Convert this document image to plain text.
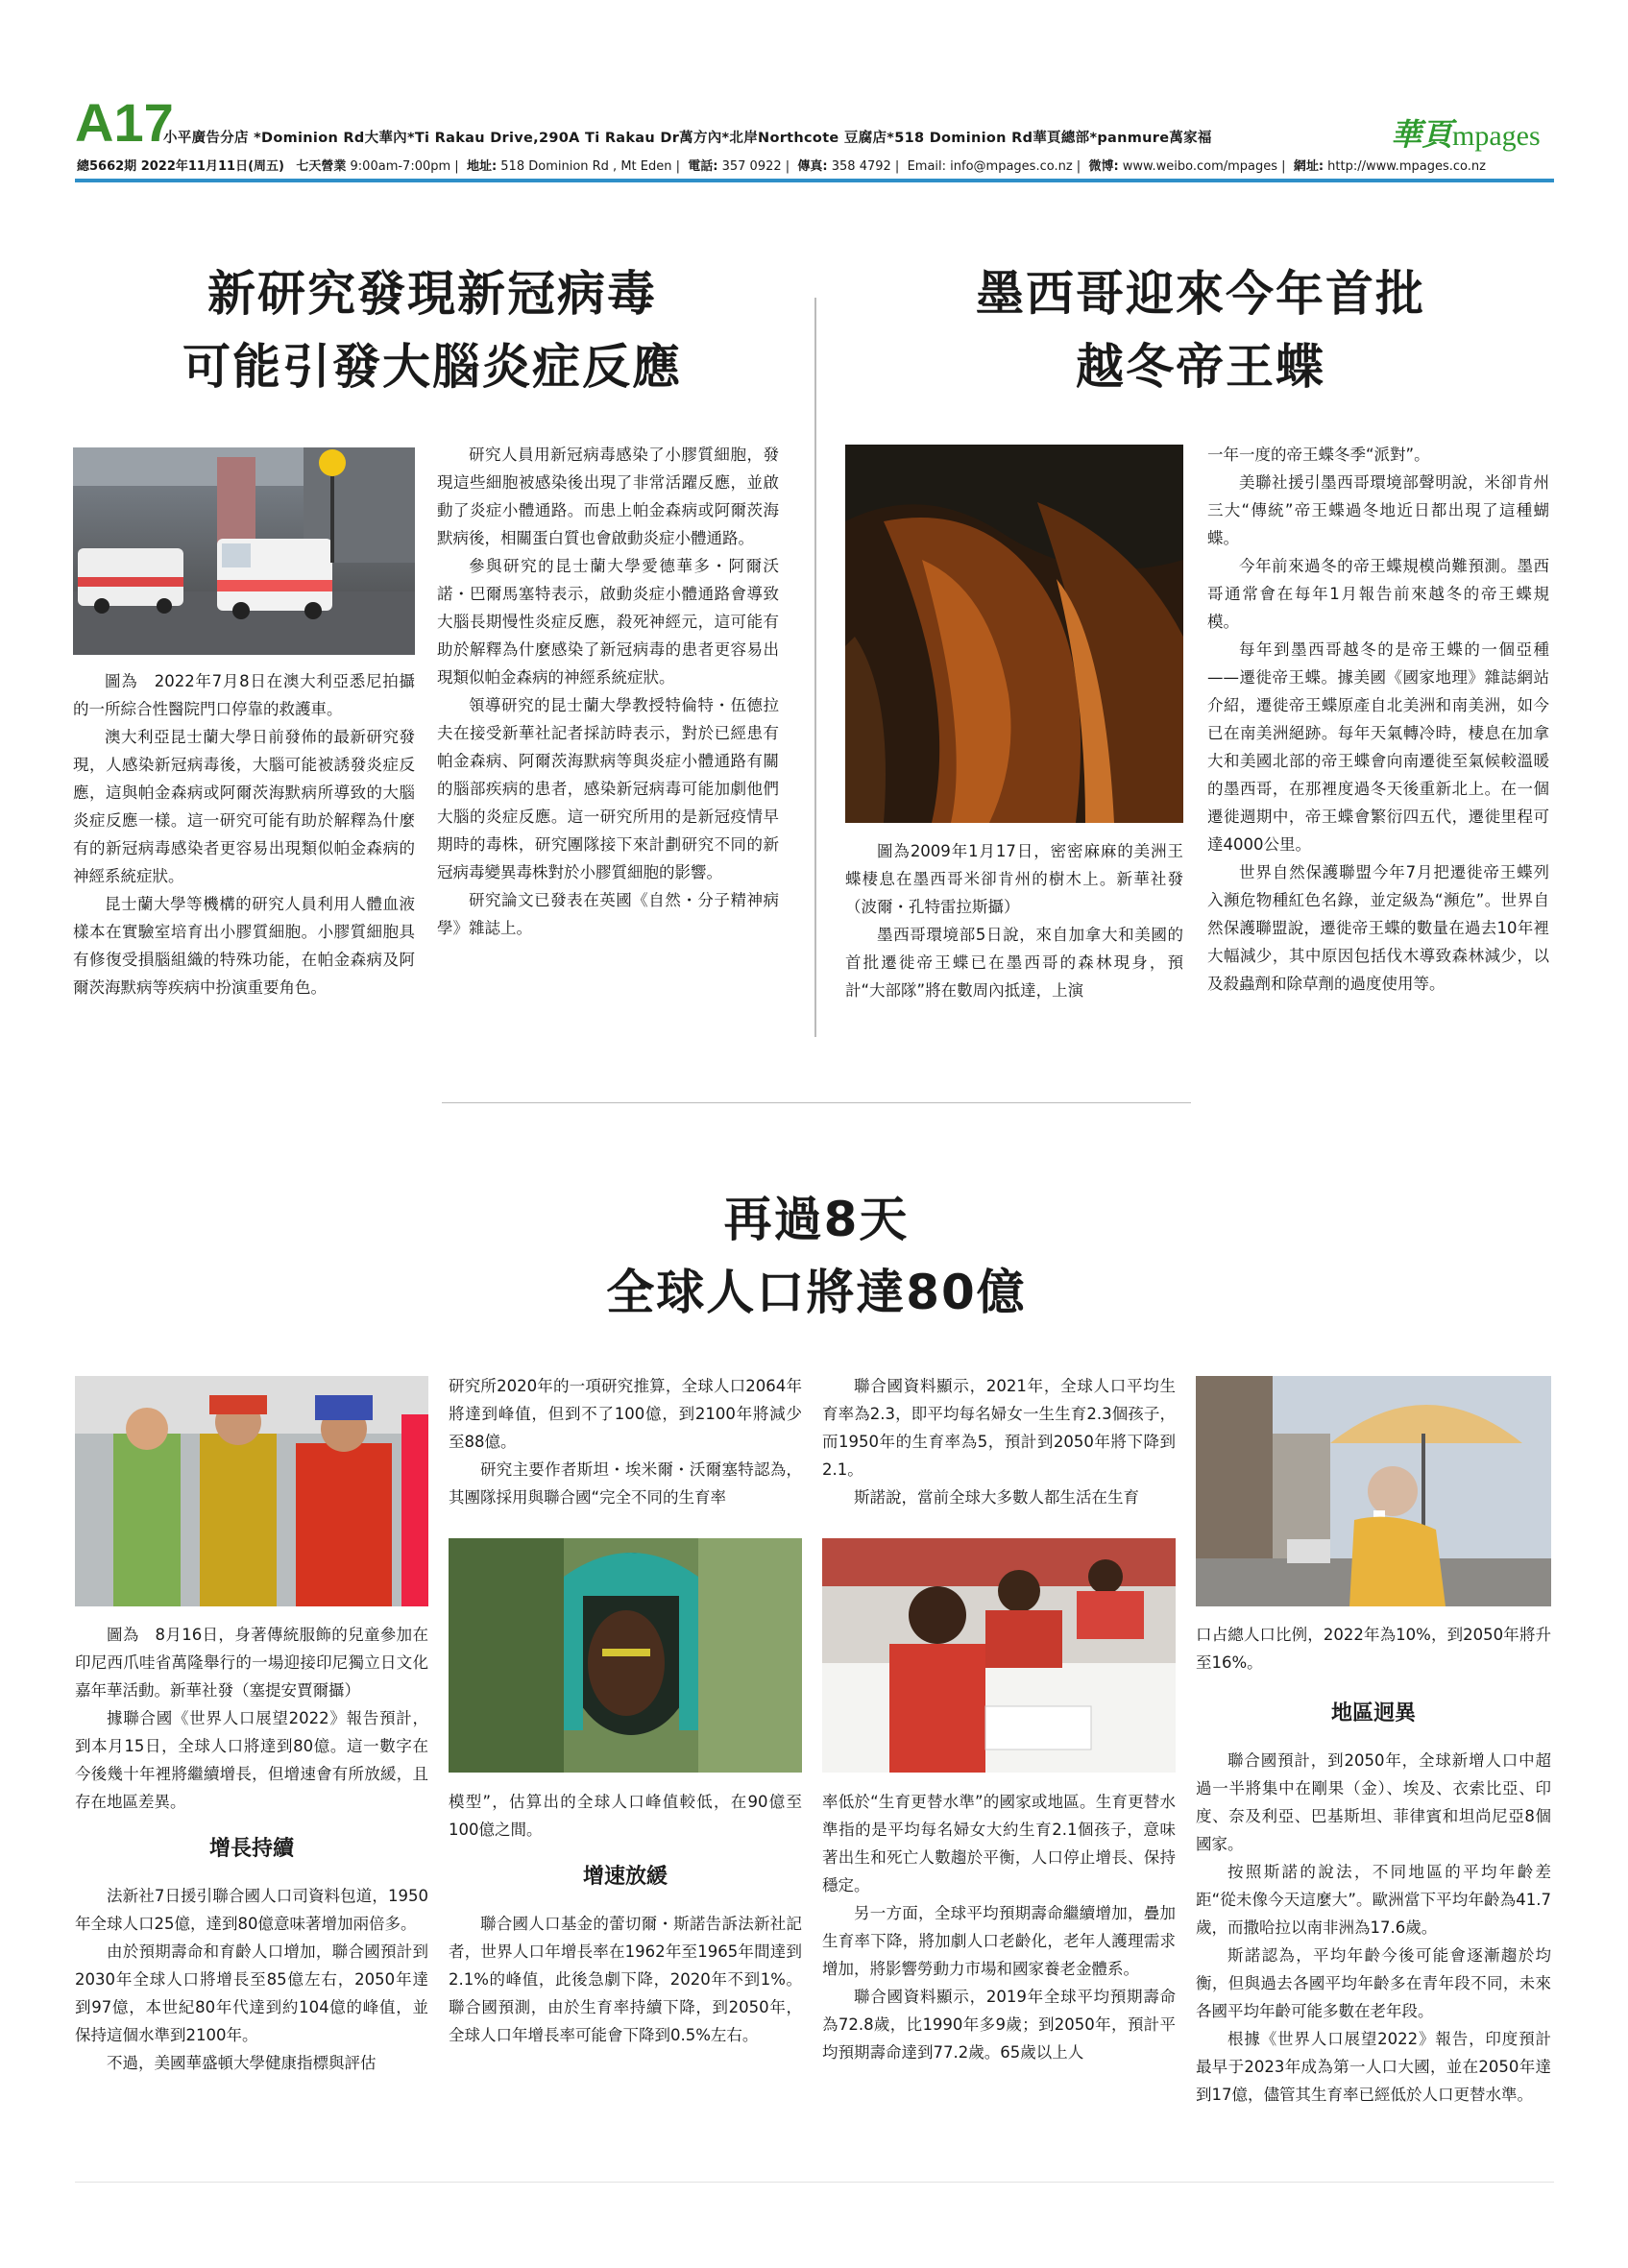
A17
小平廣告分店 *Dominion Rd大華內*Ti Rakau Drive,290A Ti Rakau Dr萬方內*北岸Northcote 豆腐店*518 Dominion Rd華頁總部*panmure萬家福
總5662期 2022年11月11日(周五) 七天營業 9:00am-7:00pm |  地址: 518 Dominion Rd , Mt Eden |  電話: 357 0922 |  傳真: 358 4792 |  Email: info@mpages.co.nz |  微博: www.weibo.com/mpages |  網址: http://www.mpages.co.nz
華頁mpages
新研究發現新冠病毒
可能引發大腦炎症反應

圖為　2022年7月8日在澳大利亞悉尼拍攝的一所綜合性醫院門口停靠的救護車。

澳大利亞昆士蘭大學日前發佈的最新研究發現，人感染新冠病毒後，大腦可能被誘發炎症反應，這與帕金森病或阿爾茨海默病所導致的大腦炎症反應一樣。這一研究可能有助於解釋為什麼有的新冠病毒感染者更容易出現類似帕金森病的神經系統症狀。

昆士蘭大學等機構的研究人員利用人體血液樣本在實驗室培育出小膠質細胞。小膠質細胞具有修復受損腦組織的特殊功能，在帕金森病及阿爾茨海默病等疾病中扮演重要角色。

研究人員用新冠病毒感染了小膠質細胞，發現這些細胞被感染後出現了非常活躍反應，並啟動了炎症小體通路。而患上帕金森病或阿爾茨海默病後，相關蛋白質也會啟動炎症小體通路。

參與研究的昆士蘭大學愛德華多・阿爾沃諾・巴爾馬塞特表示，啟動炎症小體通路會導致大腦長期慢性炎症反應，殺死神經元，這可能有助於解釋為什麼感染了新冠病毒的患者更容易出現類似帕金森病的神經系統症狀。

領導研究的昆士蘭大學教授特倫特・伍德拉夫在接受新華社記者採訪時表示，對於已經患有帕金森病、阿爾茨海默病等與炎症小體通路有關的腦部疾病的患者，感染新冠病毒可能加劇他們大腦的炎症反應。這一研究所用的是新冠疫情早期時的毒株，研究團隊接下來計劃研究不同的新冠病毒變異毒株對於小膠質細胞的影響。

研究論文已發表在英國《自然・分子精神病學》雜誌上。

墨西哥迎來今年首批
越冬帝王蝶

圖為2009年1月17日，密密麻麻的美洲王蝶棲息在墨西哥米卻肯州的樹木上。新華社發（波爾・孔特雷拉斯攝）

墨西哥環境部5日說，來自加拿大和美國的首批遷徙帝王蝶已在墨西哥的森林現身，預計“大部隊”將在數周內抵達，上演

一年一度的帝王蝶冬季“派對”。

美聯社援引墨西哥環境部聲明說，米卻肯州三大“傳統”帝王蝶過冬地近日都出現了這種蝴蝶。

今年前來過冬的帝王蝶規模尚難預測。墨西哥通常會在每年1月報告前來越冬的帝王蝶規模。

每年到墨西哥越冬的是帝王蝶的一個亞種——遷徙帝王蝶。據美國《國家地理》雜誌網站介紹，遷徙帝王蝶原產自北美洲和南美洲，如今已在南美洲絕跡。每年天氣轉冷時，棲息在加拿大和美國北部的帝王蝶會向南遷徙至氣候較溫暖的墨西哥，在那裡度過冬天後重新北上。在一個遷徙週期中，帝王蝶會繁衍四五代，遷徙里程可達4000公里。

世界自然保護聯盟今年7月把遷徙帝王蝶列入瀕危物種紅色名錄，並定級為“瀕危”。世界自然保護聯盟說，遷徙帝王蝶的數量在過去10年裡大幅減少，其中原因包括伐木導致森林減少，以及殺蟲劑和除草劑的過度使用等。

再過8天
全球人口將達80億

圖為　8月16日，身著傳統服飾的兒童參加在印尼西爪哇省萬隆舉行的一場迎接印尼獨立日文化嘉年華活動。新華社發（塞提安賈爾攝）

據聯合國《世界人口展望2022》報告預計，到本月15日，全球人口將達到80億。這一數字在今後幾十年裡將繼續增長，但增速會有所放緩，且存在地區差異。

增長持續

法新社7日援引聯合國人口司資料包道，1950年全球人口25億，達到80億意味著增加兩倍多。

由於預期壽命和育齡人口增加，聯合國預計到2030年全球人口將增長至85億左右，2050年達到97億，本世紀80年代達到約104億的峰值，並保持這個水準到2100年。

不過，美國華盛頓大學健康指標與評估

研究所2020年的一項研究推算，全球人口2064年將達到峰值，但到不了100億，到2100年將減少至88億。

研究主要作者斯坦・埃米爾・沃爾塞特認為，其團隊採用與聯合國“完全不同的生育率

模型”，估算出的全球人口峰值較低，在90億至100億之間。

增速放緩

聯合國人口基金的蕾切爾・斯諾告訴法新社記者，世界人口年增長率在1962年至1965年間達到2.1%的峰值，此後急劇下降，2020年不到1%。聯合國預測，由於生育率持續下降，到2050年，全球人口年增長率可能會下降到0.5%左右。

聯合國資料顯示，2021年，全球人口平均生育率為2.3，即平均每名婦女一生生育2.3個孩子，而1950年的生育率為5，預計到2050年將下降到2.1。

斯諾說，當前全球大多數人都生活在生育

率低於“生育更替水準”的國家或地區。生育更替水準指的是平均每名婦女大約生育2.1個孩子，意味著出生和死亡人數趨於平衡，人口停止增長、保持穩定。

另一方面，全球平均預期壽命繼續增加，疊加生育率下降，將加劇人口老齡化，老年人護理需求增加，將影響勞動力市場和國家養老金體系。

聯合國資料顯示，2019年全球平均預期壽命為72.8歲，比1990年多9歲；到2050年，預計平均預期壽命達到77.2歲。65歲以上人

口占總人口比例，2022年為10%，到2050年將升至16%。

地區迥異

聯合國預計，到2050年，全球新增人口中超過一半將集中在剛果（金）、埃及、衣索比亞、印度、奈及利亞、巴基斯坦、菲律賓和坦尚尼亞8個國家。

按照斯諾的說法，不同地區的平均年齡差距“從未像今天這麼大”。歐洲當下平均年齡為41.7歲，而撒哈拉以南非洲為17.6歲。

斯諾認為，平均年齡今後可能會逐漸趨於均衡，但與過去各國平均年齡多在青年段不同，未來各國平均年齡可能多數在老年段。

根據《世界人口展望2022》報告，印度預計最早于2023年成為第一人口大國，並在2050年達到17億，儘管其生育率已經低於人口更替水準。
